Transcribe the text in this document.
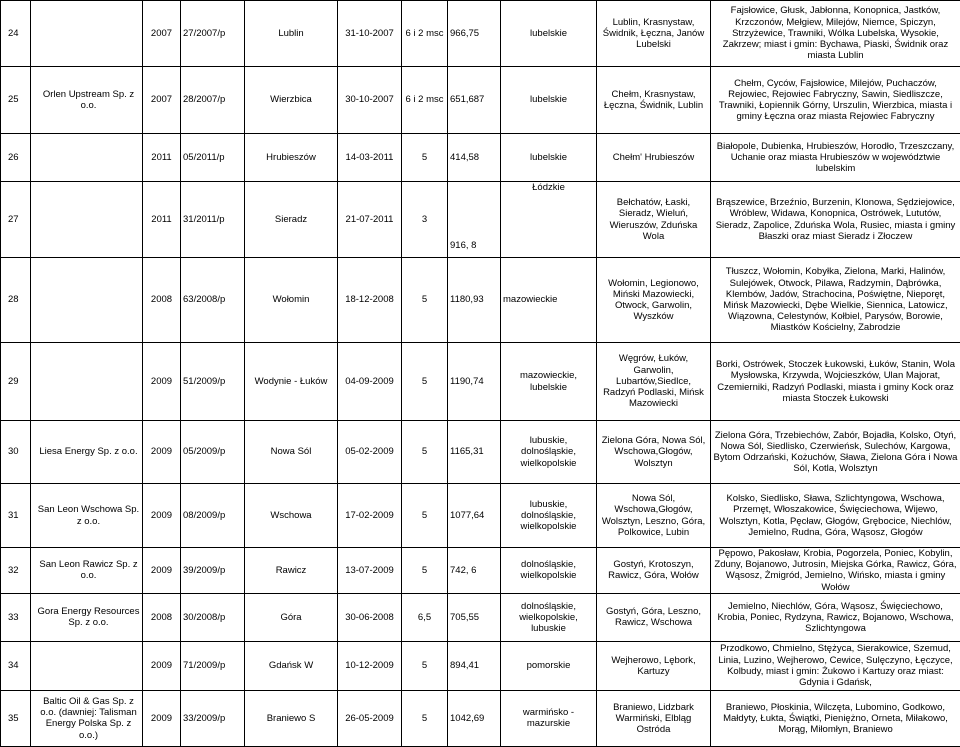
24		2007	27/2007/p	Lublin	31-10-2007	6 i 2 msc	966,75	lubelskie	Lublin, Krasnystaw, Świdnik, Łęczna, Janów Lubelski	Fajsłowice, Głusk, Jabłonna, Konopnica, Jastków, Krzczonów, Mełgiew, Milejów, Niemce, Spiczyn, Strzyżewice, Trawniki, Wólka Lubelska, Wysokie, Zakrzew; miast i gmin: Bychawa, Piaski, Świdnik oraz miasta Lublin
25	Orlen Upstream Sp. z o.o.	2007	28/2007/p	Wierzbica	30-10-2007	6 i 2 msc	651,687	lubelskie	Chełm, Krasnystaw, Łęczna, Świdnik, Lublin	Chełm, Cyców, Fajsłowice, Milejów, Puchaczów, Rejowiec, Rejowiec Fabryczny, Sawin, Siedliszcze, Trawniki, Łopiennik Górny, Urszulin, Wierzbica, miasta i gminy Łęczna oraz miasta Rejowiec Fabryczny
26		2011	05/2011/p	Hrubieszów	14-03-2011	5	414,58	lubelskie	Chełm' Hrubieszów	Białopole, Dubienka, Hrubieszów, Horodło, Trzeszczany, Uchanie oraz miasta Hrubieszów w województwie lubelskim
27		2011	31/2011/p	Sieradz	21-07-2011	3	916, 8	Łódzkie	Bełchatów, Łaski, Sieradz, Wieluń, Wieruszów, Zduńska Wola	Brąszewice, Brzeźnio, Burzenin, Klonowa, Sędziejowice, Wróblew, Widawa, Konopnica, Ostrówek, Lututów, Sieradz, Zapolice, Zduńska Wola, Rusiec, miasta i gminy Błaszki oraz miast Sieradz i Złoczew
28		2008	63/2008/p	Wołomin	18-12-2008	5	1180,93	mazowieckie	Wołomin, Legionowo, Miński Mazowiecki, Otwock, Garwolin, Wyszków	Tłuszcz, Wołomin, Kobyłka, Zielona, Marki, Halinów, Sulejówek, Otwock, Pilawa, Radzymin, Dąbrówka, Klembów, Jadów, Strachocina, Poświętne, Nieporęt, Mińsk Mazowiecki, Dębe Wielkie, Siennica, Latowicz, Wiązowna, Celestynów, Kołbiel, Parysów, Borowie, Miastków Kościelny, Zabrodzie
29		2009	51/2009/p	Wodynie - Łuków	04-09-2009	5	1190,74	mazowieckie, lubelskie	Węgrów, Łuków, Garwolin, Lubartów,Siedlce, Radzyń Podlaski, Mińsk Mazowiecki	Borki, Ostrówek, Stoczek Łukowski, Łuków, Stanin, Wola Mysłowska, Krzywda, Wojcieszków, Ulan Majorat, Czemierniki, Radzyń Podlaski, miasta i gminy Kock oraz miasta Stoczek Łukowski
30	Liesa Energy Sp. z o.o.	2009	05/2009/p	Nowa Sól	05-02-2009	5	1165,31	lubuskie, dolnośląskie, wielkopolskie	Zielona Góra, Nowa Sól, Wschowa,Głogów, Wolsztyn	Zielona Góra, Trzebiechów, Zabór, Bojadła, Kolsko, Otyń, Nowa Sól, Siedlisko, Czerwieńsk, Sulechów, Kargowa, Bytom Odrzański, Kożuchów, Sława, Zielona Góra i Nowa Sól, Kotla, Wolsztyn
31	San Leon Wschowa Sp. z o.o.	2009	08/2009/p	Wschowa	17-02-2009	5	1077,64	lubuskie, dolnośląskie, wielkopolskie	Nowa Sól, Wschowa,Głogów, Wolsztyn, Leszno, Góra, Polkowice, Lubin	Kolsko, Siedlisko, Sława, Szlichtyngowa, Wschowa, Przemęt, Włoszakowice, Święciechowa, Wijewo, Wolsztyn, Kotla, Pęcław, Głogów, Grębocice, Niechlów, Jemielno, Rudna, Góra, Wąsosz, Głogów
32	San Leon Rawicz Sp. z o.o.	2009	39/2009/p	Rawicz	13-07-2009	5	742, 6	dolnośląskie, wielkopolskie	Gostyń, Krotoszyn, Rawicz, Góra, Wołów	Pępowo, Pakosław, Krobia, Pogorzela, Poniec, Kobylin, Zduny, Bojanowo, Jutrosin, Miejska Górka, Rawicz, Góra, Wąsosz, Żmigród, Jemielno, Wińsko, miasta i gminy Wołów
33	Gora Energy Resources Sp. z o.o.	2008	30/2008/p	Góra	30-06-2008	6,5	705,55	dolnośląskie, wielkopolskie, lubuskie	Gostyń, Góra, Leszno, Rawicz, Wschowa	Jemielno, Niechlów, Góra, Wąsosz, Święciechowo, Krobia, Poniec, Rydzyna, Rawicz, Bojanowo, Wschowa, Szlichtyngowa
34		2009	71/2009/p	Gdańsk W	10-12-2009	5	894,41	pomorskie	Wejherowo, Lębork, Kartuzy	Przodkowo, Chmielno, Stężyca, Sierakowice, Szemud, Linia, Luzino, Wejherowo, Cewice, Sulęczyno, Łęczyce, Kolbudy, miast i gmin: Żukowo i Kartuzy oraz miast: Gdynia i Gdańsk,
35	Baltic Oil & Gas Sp. z o.o. (dawniej: Talisman Energy Polska Sp. z o.o.)	2009	33/2009/p	Braniewo S	26-05-2009	5	1042,69	warmińsko - mazurskie	Braniewo, Lidzbark Warmiński, Elbląg Ostróda	Braniewo, Płoskinia, Wilczęta, Lubomino, Godkowo, Małdyty, Łukta, Świątki, Pieniężno, Orneta, Miłakowo, Morąg, Miłomłyn, Braniewo
